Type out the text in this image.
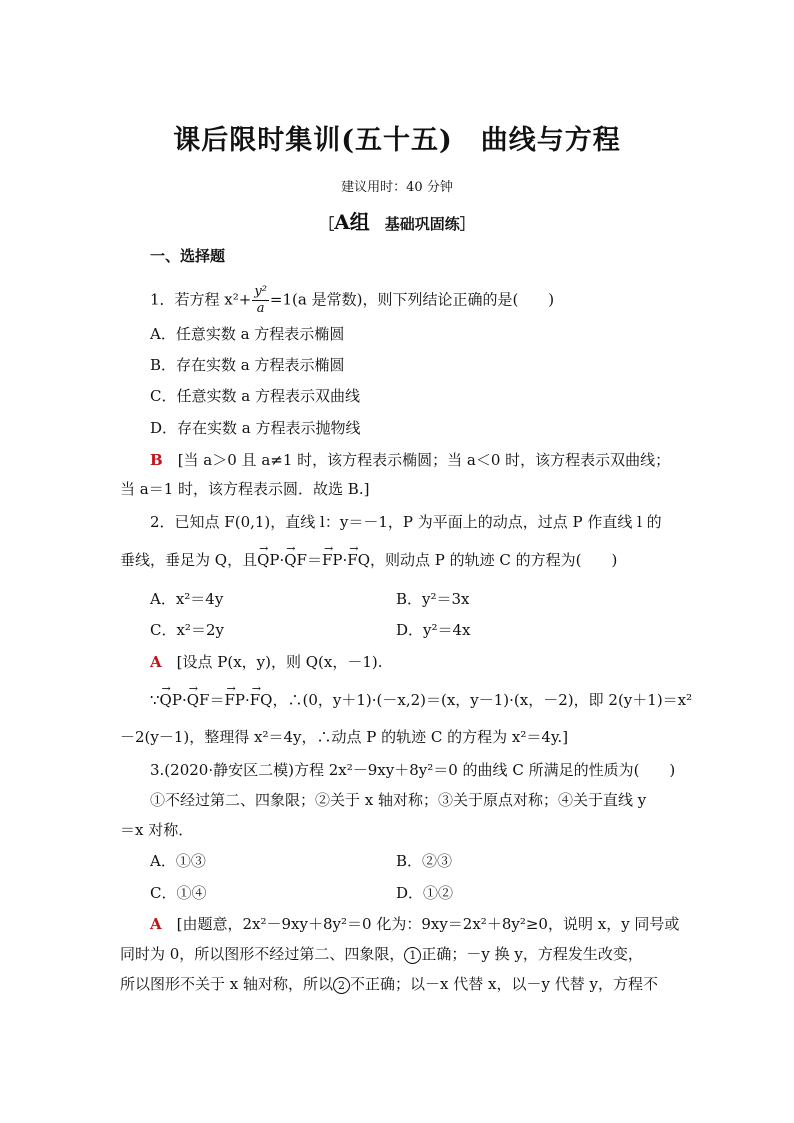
课后限时集训(五十五)　曲线与方程
建议用时：40 分钟
［A组　基础巩固练］
一、选择题
1．若方程 $x^2+ \frac{\text{y²}}{a} =1(a$ 是常数)，则下列结论正确的是(　　)
A．任意实数 a 方程表示椭圆
B．存在实数 a 方程表示椭圆
C．任意实数 a 方程表示双曲线
D．存在实数 a 方程表示抛物线
B　[当 a＞0 且 a≠1 时，该方程表示椭圆；当 a＜0 时，该方程表示双曲线；
当 a＝1 时，该方程表示圆．故选 B.]
2．已知点 F(0,1)，直线 l：y＝－1，P 为平面上的动点，过点 P 作直线 l 的
垂线，垂足为 Q，且→ QP·→ QF＝→ FP·→ FQ，则动点 P 的轨迹 C 的方程为(　　)
A．x²＝4y	B．y²＝3x
C．x²＝2y	D．y²＝4x
A　[设点 P(x，y)，则 Q(x，－1).
∵→ QP·→ QF＝→ FP·→ FQ，∴(0，y＋1)·(－x,2)＝(x，y－1)·(x，－2)，即 2(y＋1)＝x²
－2(y－1)，整理得 x²＝4y，∴动点 P 的轨迹 C 的方程为 x²＝4y.]
3.(2020·静安区二模)方程 2x²－9xy＋8y²＝0 的曲线 C 所满足的性质为(　　)
①不经过第二、四象限；②关于 x 轴对称；③关于原点对称；④关于直线 y
＝x 对称．
A．①③	B．②③
C．①④	D．①②
A　[由题意，2x²－9xy＋8y²＝0 化为：9xy＝2x²＋8y²≥0，说明 x，y 同号或
同时为 0，所以图形不经过第二、四象限， 1 正确；－y 换 y，方程发生改变，
所以图形不关于 x 轴对称，所以 2 不正确；以－x 代替 x，以－y 代替 y，方程不
